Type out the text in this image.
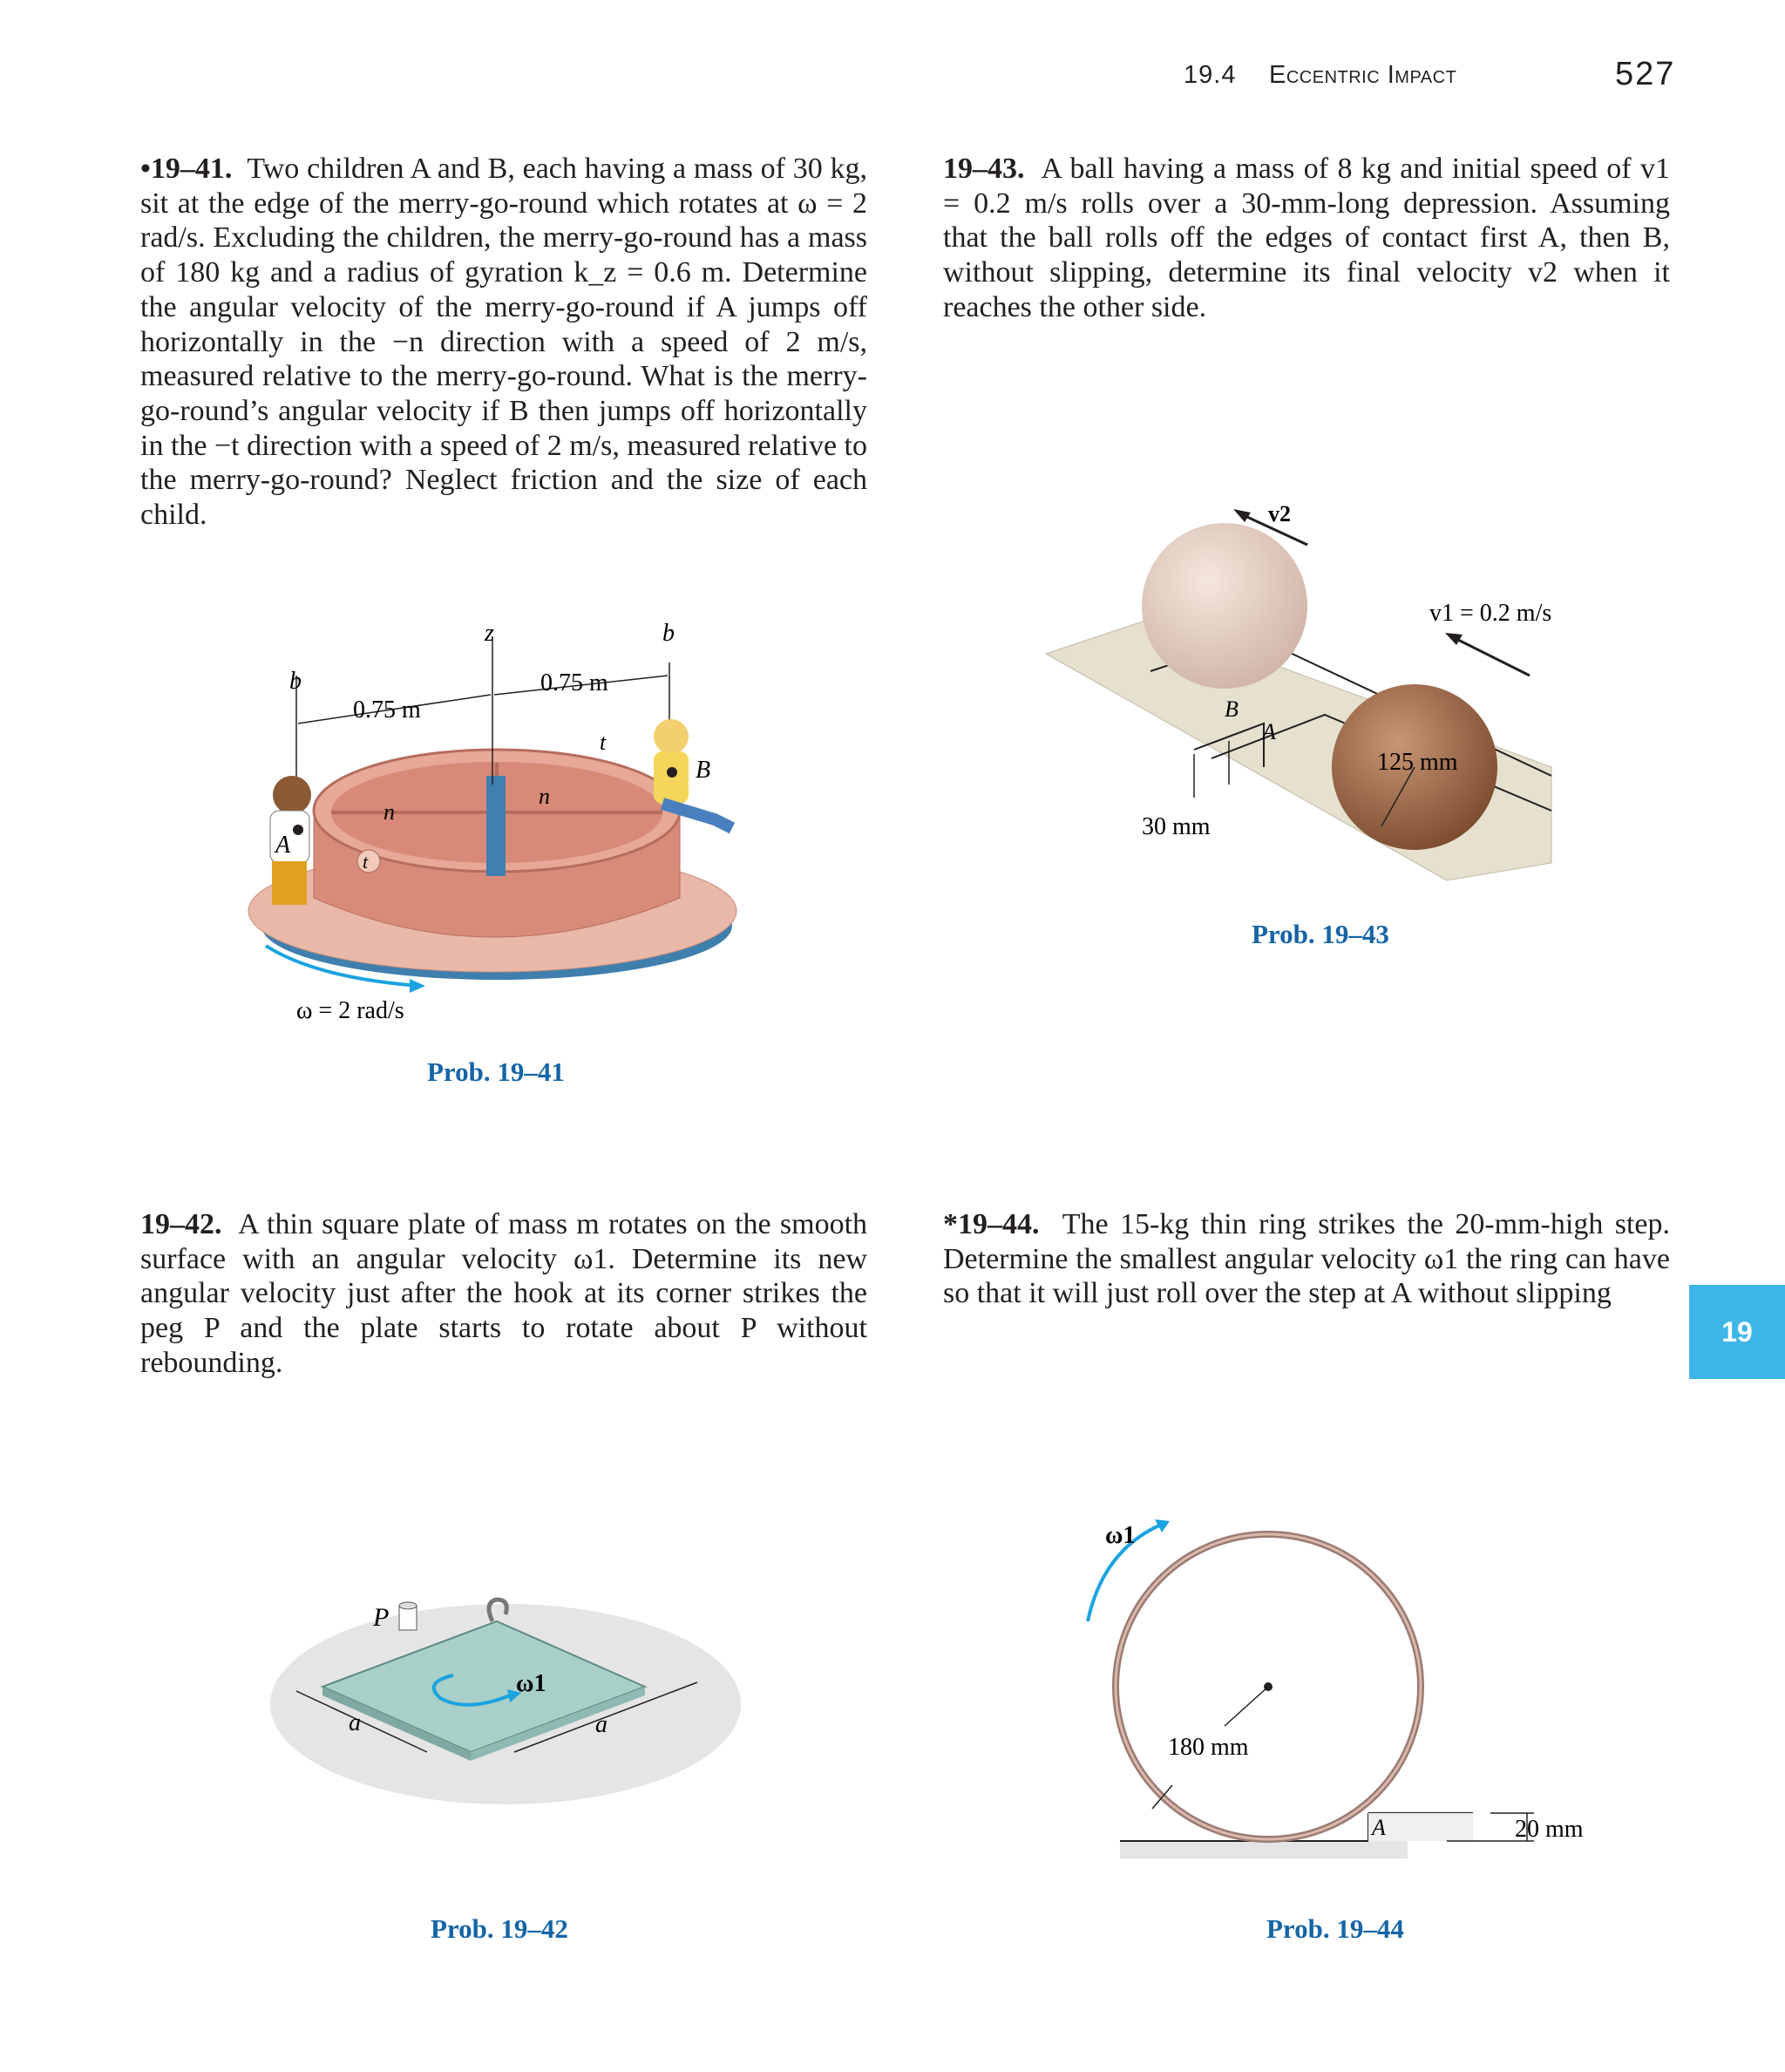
19.4 Eccentric Impact	527
19
•19–41. Two children A and B, each having a mass of 30 kg, sit at the edge of the merry-go-round which rotates at ω = 2 rad/s. Excluding the children, the merry-go-round has a mass of 180 kg and a radius of gyration k_z = 0.6 m. Determine the angular velocity of the merry-go-round if A jumps off horizontally in the −n direction with a speed of 2 m/s, measured relative to the merry-go-round. What is the merry-go-round’s angular velocity if B then jumps off horizontally in the −t direction with a speed of 2 m/s, measured relative to the merry-go-round? Neglect friction and the size of each child.
19–43. A ball having a mass of 8 kg and initial speed of v1 = 0.2 m/s rolls over a 30-mm-long depression. Assuming that the ball rolls off the edges of contact first A, then B, without slipping, determine its final velocity v2 when it reaches the other side.
19–42. A thin square plate of mass m rotates on the smooth surface with an angular velocity ω1. Determine its new angular velocity just after the hook at its corner strikes the peg P and the plate starts to rotate about P without rebounding.
*19–44. The 15-kg thin ring strikes the 20-mm-high step. Determine the smallest angular velocity ω1 the ring can have so that it will just roll over the step at A without slipping
z	b
b
0.75 m
0.75 m
t
B
n
n
A
t
ω = 2 rad/s
Prob. 19–41
v2
v1 = 0.2 m/s
B
A
125 mm
30 mm
Prob. 19–43
P
ω1
a	a
Prob. 19–42
ω1
180 mm
A	20 mm
Prob. 19–44
